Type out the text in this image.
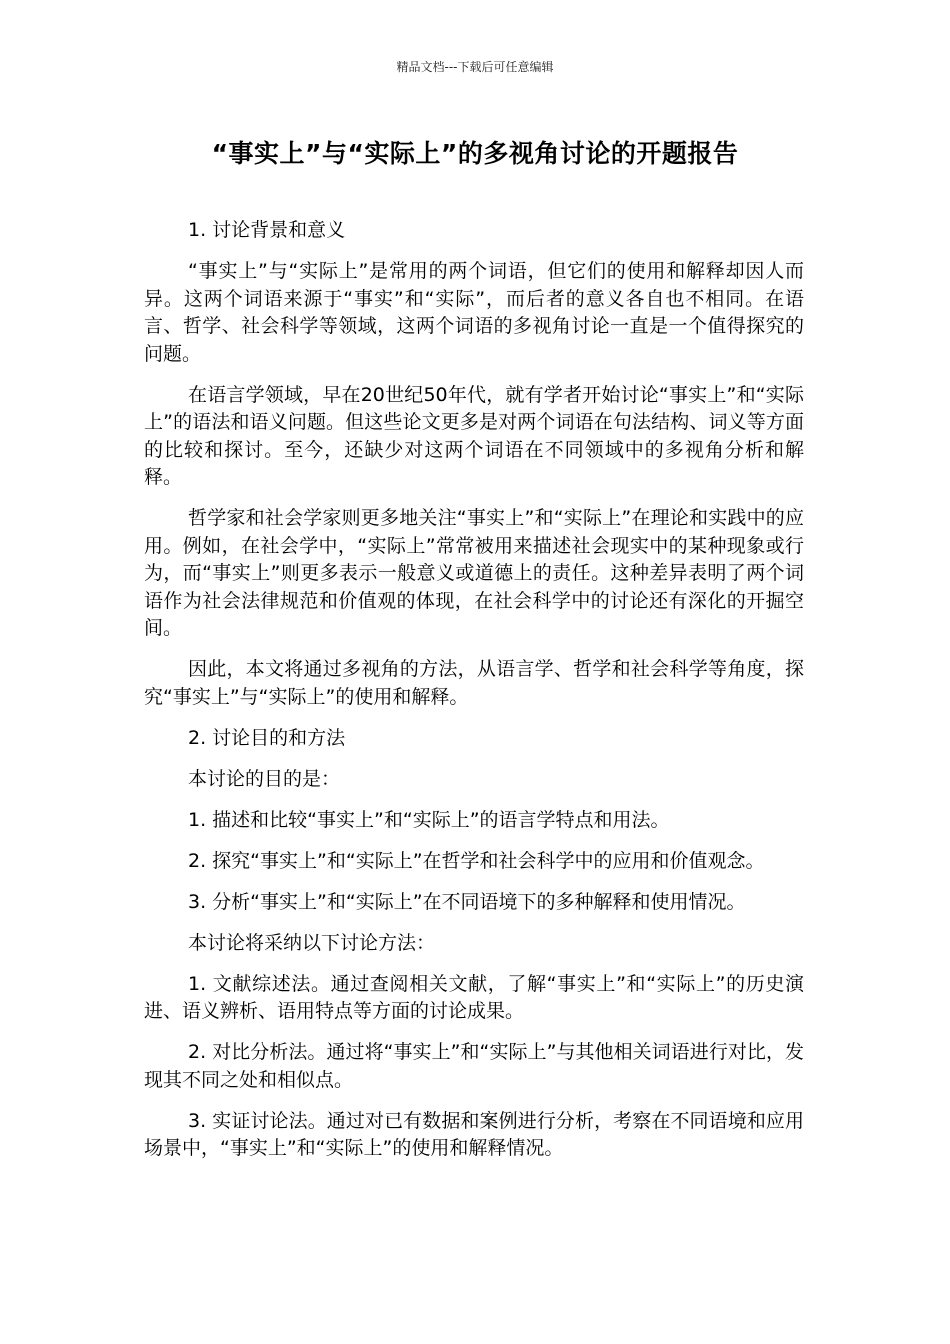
精品文档---下载后可任意编辑
“事实上”与“实际上”的多视角讨论的开题报告

1. 讨论背景和意义

“事实上”与“实际上”是常用的两个词语，但它们的使用和解释却因人而异。这两个词语来源于“事实”和“实际”，而后者的意义各自也不相同。在语言、哲学、社会科学等领域，这两个词语的多视角讨论一直是一个值得探究的问题。

在语言学领域，早在20世纪50年代，就有学者开始讨论“事实上”和“实际上”的语法和语义问题。但这些论文更多是对两个词语在句法结构、词义等方面的比较和探讨。至今，还缺少对这两个词语在不同领域中的多视角分析和解释。

哲学家和社会学家则更多地关注“事实上”和“实际上”在理论和实践中的应用。例如，在社会学中，“实际上”常常被用来描述社会现实中的某种现象或行为，而“事实上”则更多表示一般意义或道德上的责任。这种差异表明了两个词语作为社会法律规范和价值观的体现，在社会科学中的讨论还有深化的开掘空间。

因此，本文将通过多视角的方法，从语言学、哲学和社会科学等角度，探究“事实上”与“实际上”的使用和解释。

2. 讨论目的和方法

本讨论的目的是：

1. 描述和比较“事实上”和“实际上”的语言学特点和用法。

2. 探究“事实上”和“实际上”在哲学和社会科学中的应用和价值观念。

3. 分析“事实上”和“实际上”在不同语境下的多种解释和使用情况。

本讨论将采纳以下讨论方法：

1. 文献综述法。通过查阅相关文献，了解“事实上”和“实际上”的历史演进、语义辨析、语用特点等方面的讨论成果。

2. 对比分析法。通过将“事实上”和“实际上”与其他相关词语进行对比，发现其不同之处和相似点。

3. 实证讨论法。通过对已有数据和案例进行分析，考察在不同语境和应用场景中，“事实上”和“实际上”的使用和解释情况。
